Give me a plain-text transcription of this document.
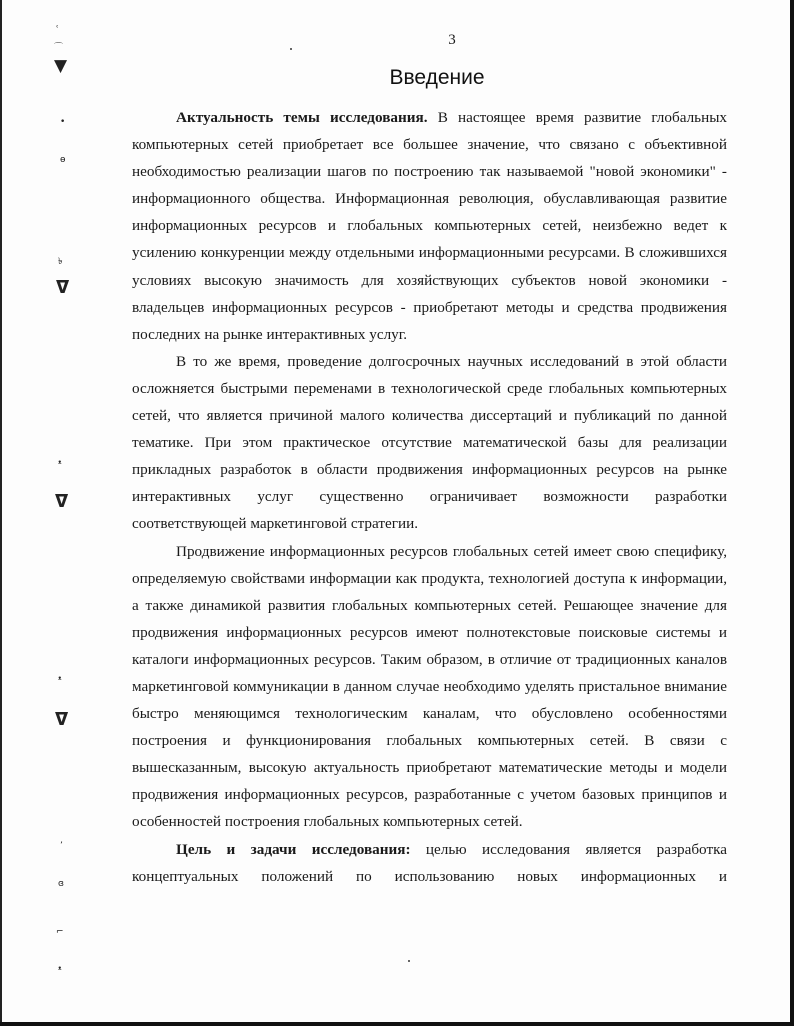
ʿ
⌒
▼
•
ɵ
৳
ᐁ
ᵜ
ᐁ
ᵜ
ᐁ
ʼ
ɞ
⌐
ᵜ
3
Введение

Актуальность темы исследования. В настоящее время развитие глобальных компьютерных сетей приобретает все большее значение, что связано с объективной необходимостью реализации шагов по построению так называемой "новой экономики" - информационного общества. Информационная революция, обуславливающая развитие информационных ресурсов и глобальных компьютерных сетей, неизбежно ведет к усилению конкуренции между отдельными информационными ресурсами. В сложившихся условиях высокую значимость для хозяйствующих субъектов новой экономики - владельцев информационных ресурсов - приобретают методы и средства продвижения последних на рынке интерактивных услуг.

В то же время, проведение долгосрочных научных исследований в этой области осложняется быстрыми переменами в технологической среде глобальных компьютерных сетей, что является причиной малого количества диссертаций и публикаций по данной тематике. При этом практическое отсутствие математической базы для реализации прикладных разработок в области продвижения информационных ресурсов на рынке интерактивных услуг существенно ограничивает возможности разработки соответствующей маркетинговой стратегии.

Продвижение информационных ресурсов глобальных сетей имеет свою специфику, определяемую свойствами информации как продукта, технологией доступа к информации, а также динамикой развития глобальных компьютерных сетей. Решающее значение для продвижения информационных ресурсов имеют полнотекстовые поисковые системы и каталоги информационных ресурсов. Таким образом, в отличие от традиционных каналов маркетинговой коммуникации в данном случае необходимо уделять пристальное внимание быстро меняющимся технологическим каналам, что обусловлено особенностями построения и функционирования глобальных компьютерных сетей. В связи с вышесказанным, высокую актуальность приобретают математические методы и модели продвижения информационных ресурсов, разработанные с учетом базовых принципов и особенностей построения глобальных компьютерных сетей.

Цель и задачи исследования: целью исследования является разработка концептуальных положений по использованию новых информационных и
